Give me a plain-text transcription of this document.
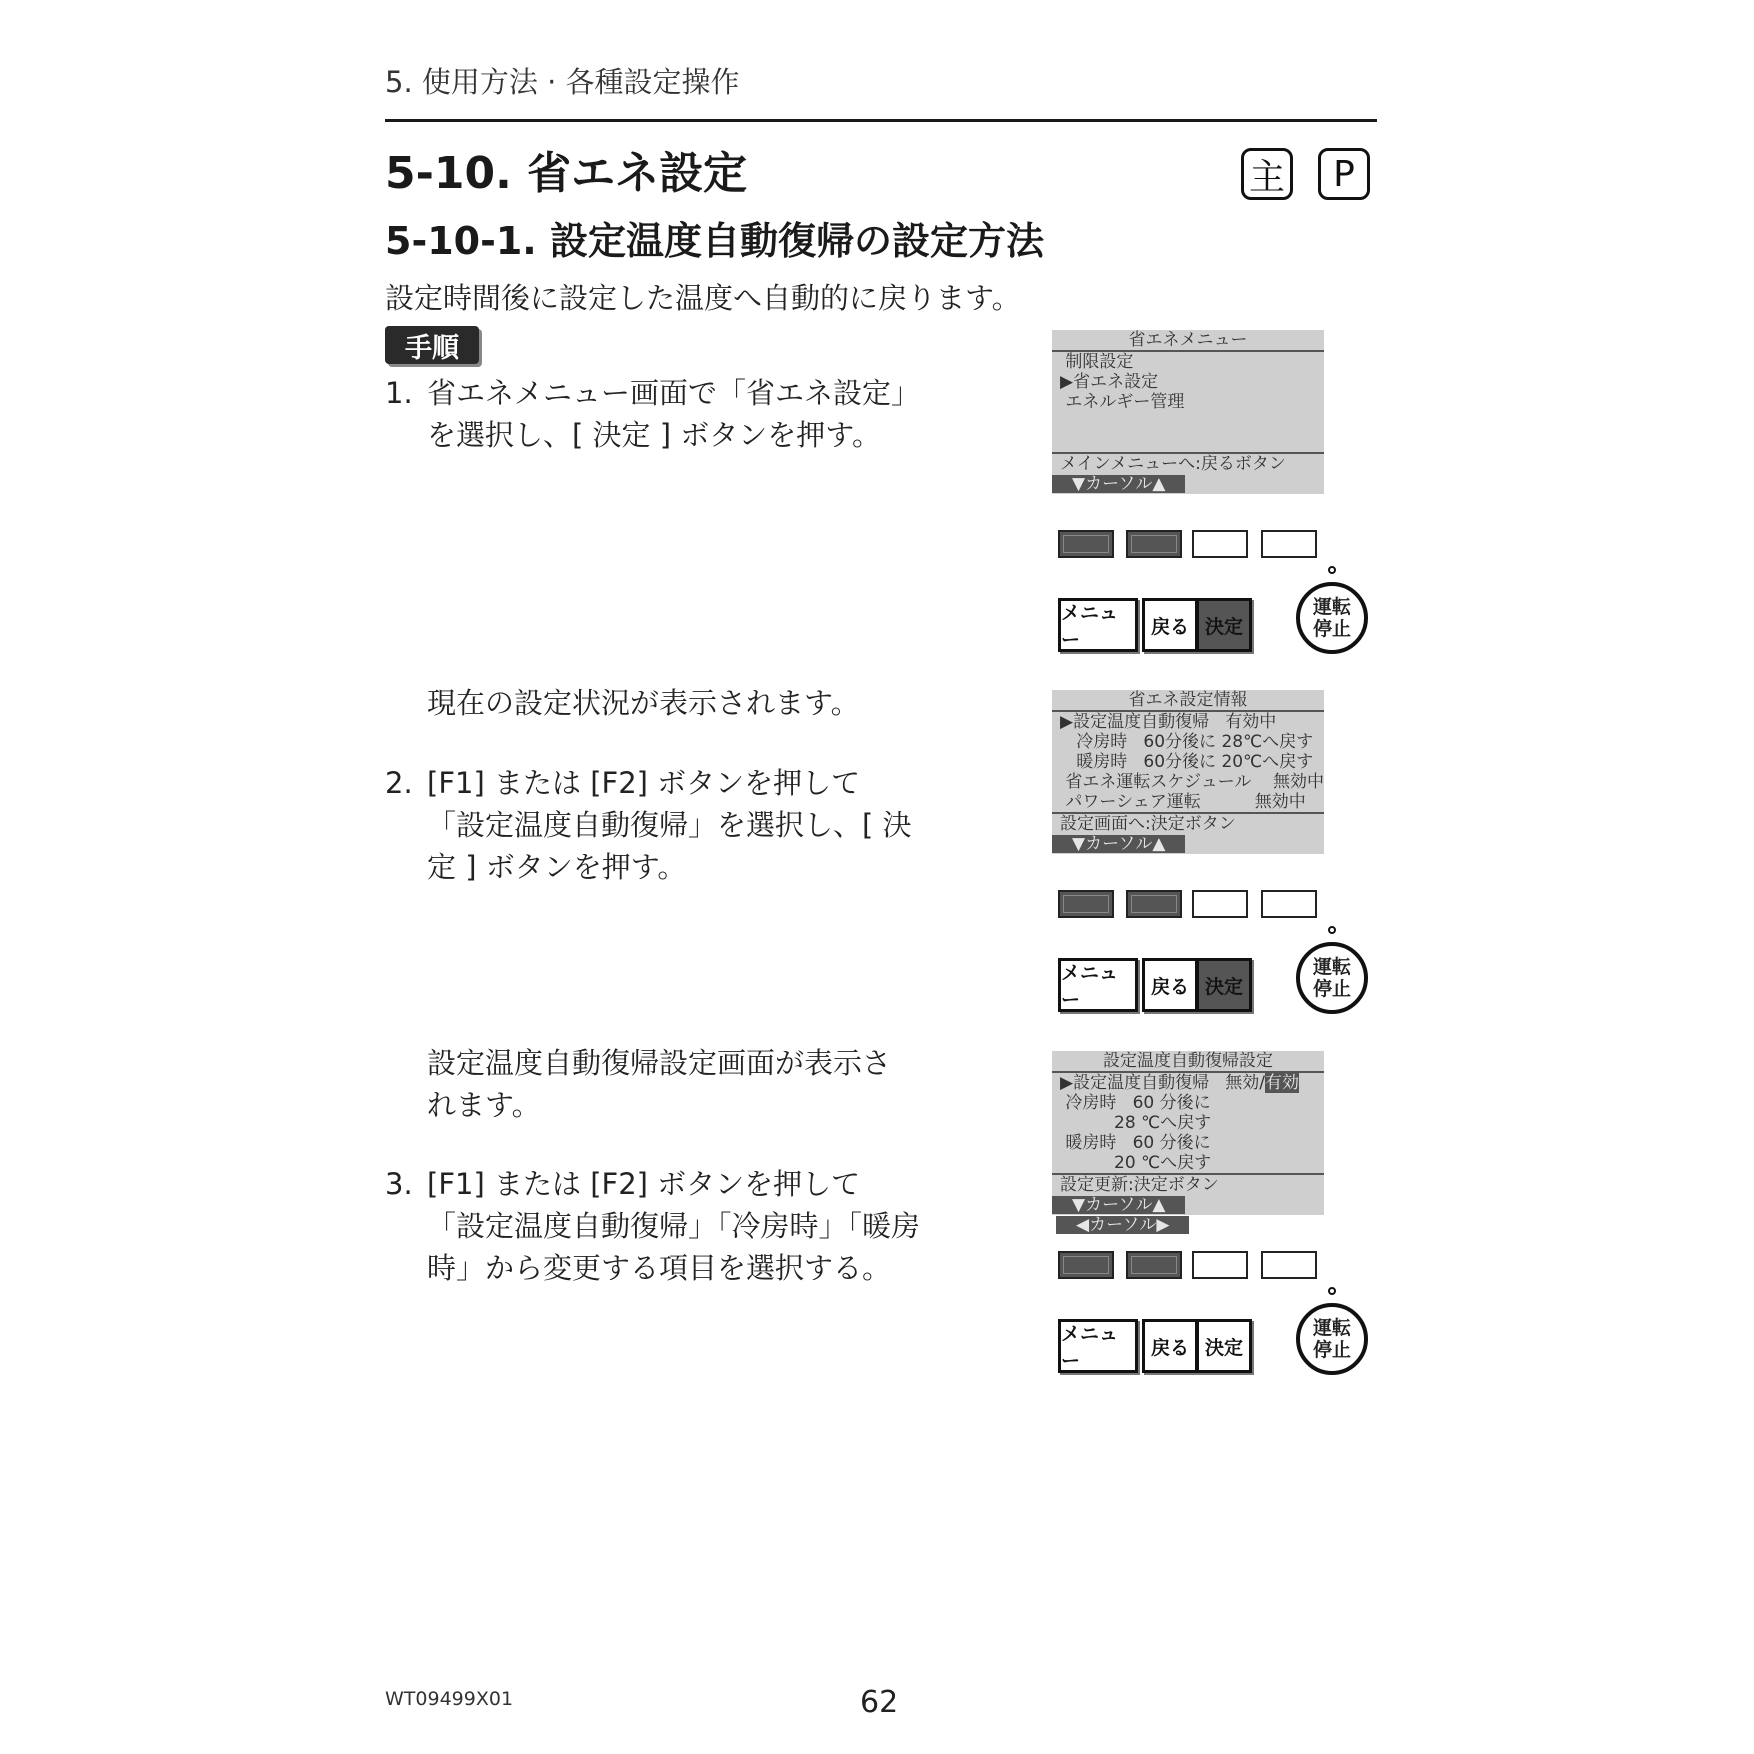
5. 使用方法 · 各種設定操作
5-10. 省エネ設定	主 P
5-10-1. 設定温度自動復帰の設定方法
設定時間後に設定した温度へ自動的に戻ります。
手順
1. 省エネメニュー画面で「省エネ設定」
を選択し、[ 決定 ] ボタンを押す。
現在の設定状況が表示されます。
2. [F1] または [F2] ボタンを押して
「設定温度自動復帰」を選択し、[ 決
定 ] ボタンを押す。
設定温度自動復帰設定画面が表示さ
れます。
3. [F1] または [F2] ボタンを押して
「設定温度自動復帰」「冷房時」「暖房
時」から変更する項目を選択する。
省エネメニュー
制限設定
▶省エネ設定
エネルギー管理
メインメニューへ:戻るボタン
▼カーソル▲
メニュー
戻る 決定
運転
停止
省エネ設定情報
▶設定温度自動復帰   有効中
冷房時   60分後に 28℃へ戻す
暖房時   60分後に 20℃へ戻す
省エネ運転スケジュール    無効中
パワーシェア運転          無効中
設定画面へ:決定ボタン
▼カーソル▲
メニュー
戻る 決定
運転
停止
設定温度自動復帰設定
▶設定温度自動復帰   無効/有効
冷房時   60 分後に
28 ℃へ戻す
暖房時   60 分後に
20 ℃へ戻す
設定更新:決定ボタン
▼カーソル▲ ◀カーソル▶
メニュー
戻る 決定
運転
停止
WT09499X01	62
